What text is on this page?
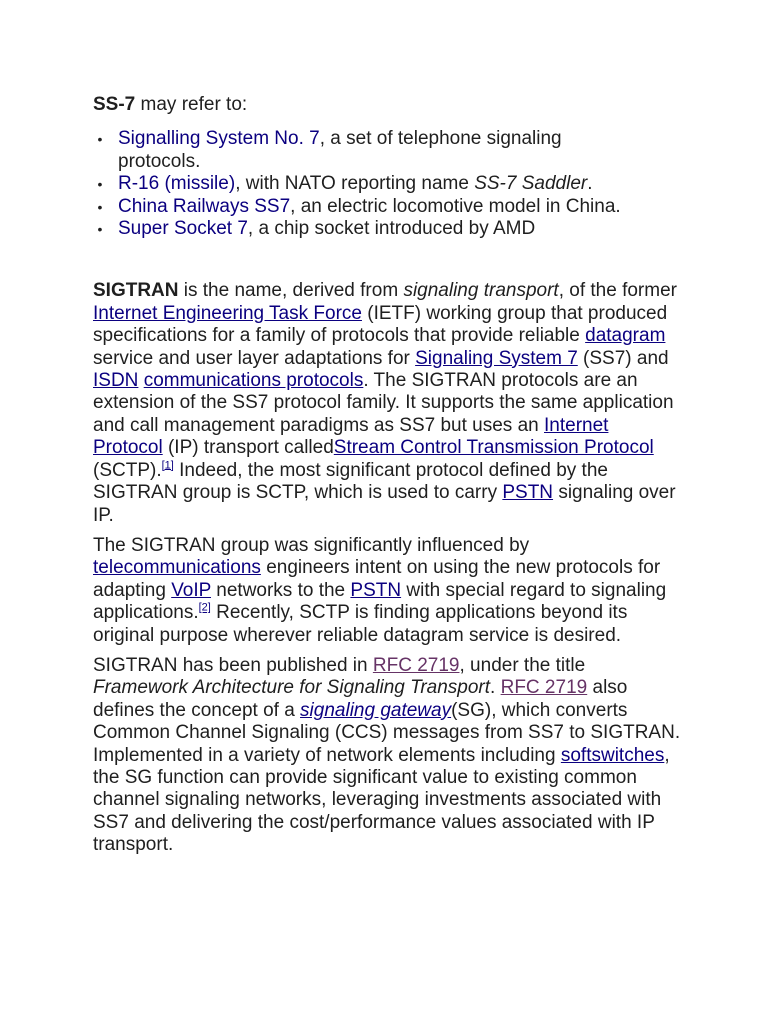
SS-7 may refer to:

• Signalling System No. 7, a set of telephone signaling protocols.
• R-16 (missile), with NATO reporting name SS-7 Saddler.
• China Railways SS7, an electric locomotive model in China.
• Super Socket 7, a chip socket introduced by AMD

SIGTRAN is the name, derived from signaling transport, of the former Internet Engineering Task Force (IETF) working group that produced specifications for a family of protocols that provide reliable datagram service and user layer adaptations for Signaling System 7 (SS7) and ISDN communications protocols. The SIGTRAN protocols are an extension of the SS7 protocol family. It supports the same application and call management paradigms as SS7 but uses an Internet Protocol (IP) transport calledStream Control Transmission Protocol (SCTP).[1] Indeed, the most significant protocol defined by the SIGTRAN group is SCTP, which is used to carry PSTN signaling over IP.

The SIGTRAN group was significantly influenced by telecommunications engineers intent on using the new protocols for adapting VoIP networks to the PSTN with special regard to signaling applications.[2] Recently, SCTP is finding applications beyond its original purpose wherever reliable datagram service is desired.

SIGTRAN has been published in RFC 2719, under the title Framework Architecture for Signaling Transport. RFC 2719 also defines the concept of a signaling gateway(SG), which converts Common Channel Signaling (CCS) messages from SS7 to SIGTRAN. Implemented in a variety of network elements including softswitches, the SG function can provide significant value to existing common channel signaling networks, leveraging investments associated with SS7 and delivering the cost/performance values associated with IP transport.
